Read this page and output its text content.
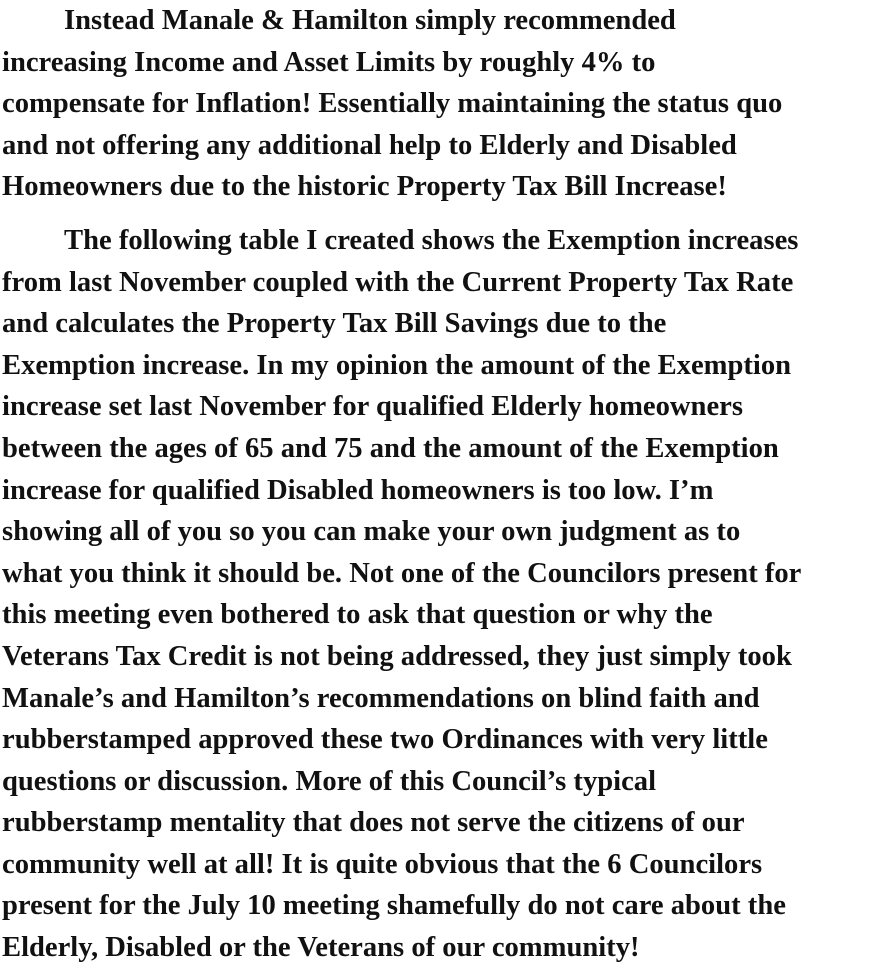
Instead Manale & Hamilton simply recommended
increasing Income and Asset Limits by roughly 4% to
compensate for Inflation! Essentially maintaining the status quo
and not offering any additional help to Elderly and Disabled
Homeowners due to the historic Property Tax Bill Increase!
The following table I created shows the Exemption increases
from last November coupled with the Current Property Tax Rate
and calculates the Property Tax Bill Savings due to the
Exemption increase. In my opinion the amount of the Exemption
increase set last November for qualified Elderly homeowners
between the ages of 65 and 75 and the amount of the Exemption
increase for qualified Disabled homeowners is too low. I’m
showing all of you so you can make your own judgment as to
what you think it should be. Not one of the Councilors present for
this meeting even bothered to ask that question or why the
Veterans Tax Credit is not being addressed, they just simply took
Manale’s and Hamilton’s recommendations on blind faith and
rubberstamped approved these two Ordinances with very little
questions or discussion. More of this Council’s typical
rubberstamp mentality that does not serve the citizens of our
community well at all! It is quite obvious that the 6 Councilors
present for the July 10 meeting shamefully do not care about the
Elderly, Disabled or the Veterans of our community!
